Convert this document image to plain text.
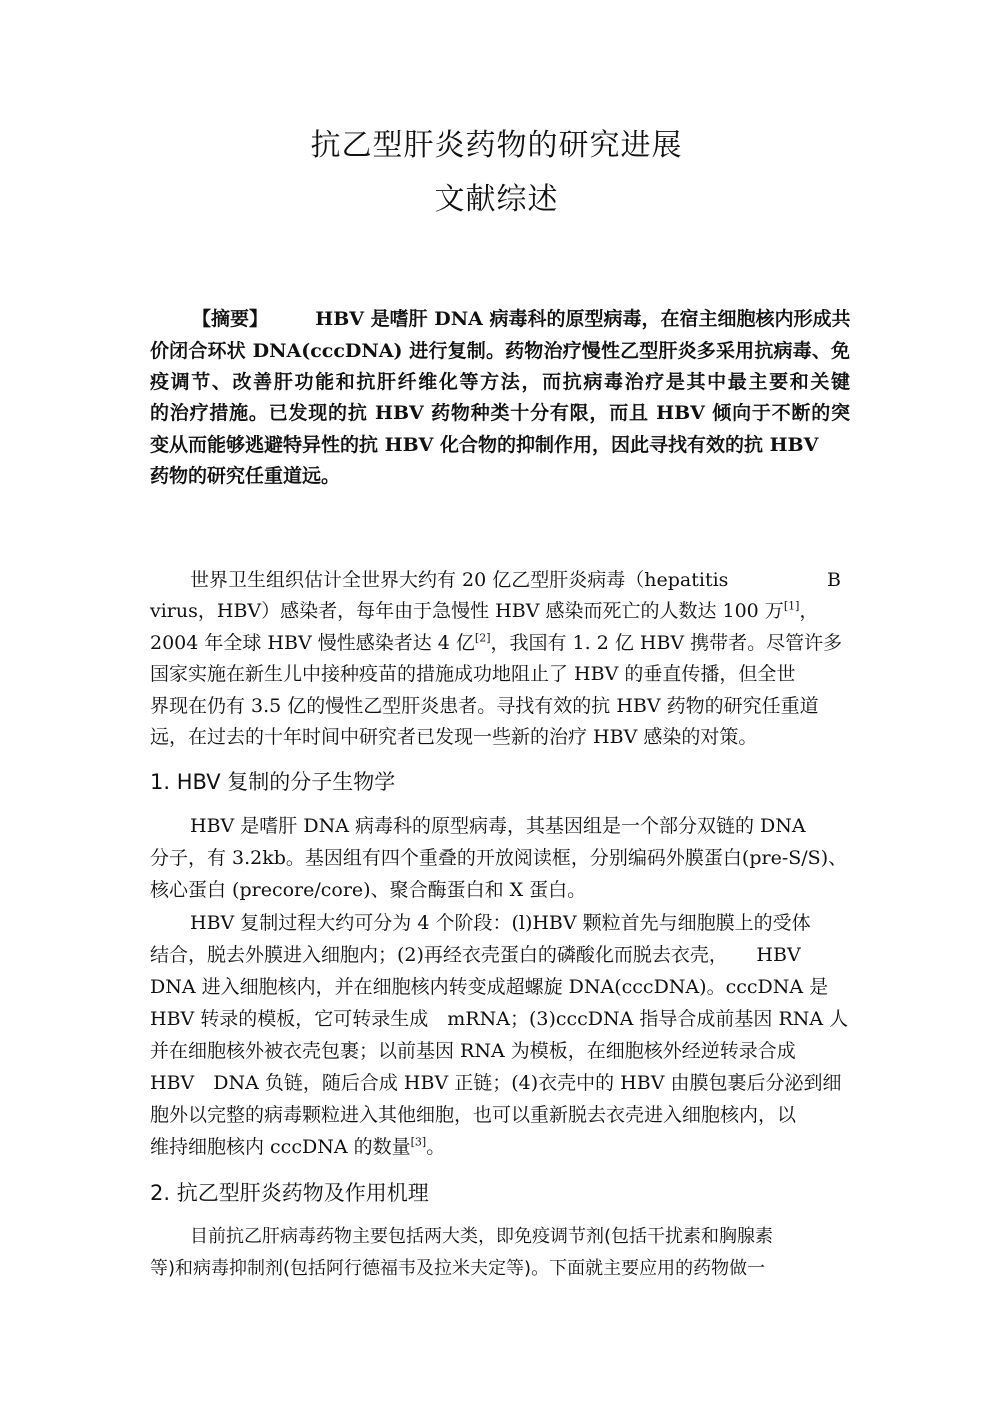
抗乙型肝炎药物的研究进展
文献综述
【摘要】 HBV 是嗜肝 DNA 病毒科的原型病毒，在宿主细胞核内形成共
价闭合环状 DNA(cccDNA) 进行复制。药物治疗慢性乙型肝炎多采用抗病毒、免
疫调节、改善肝功能和抗肝纤维化等方法，而抗病毒治疗是其中最主要和关键
的治疗措施。已发现的抗 HBV 药物种类十分有限，而且 HBV 倾向于不断的突
变从而能够逃避特异性的抗 HBV 化合物的抑制作用，因此寻找有效的抗 HBV
药物的研究任重道远。
世界卫生组织估计全世界大约有 20 亿乙型肝炎病毒（hepatitis	B
virus，HBV）感染者，每年由于急慢性 HBV 感染而死亡的人数达 100 万[1]，
2004 年全球 HBV 慢性感染者达 4 亿[2]，我国有 1. 2 亿 HBV 携带者。尽管许多
国家实施在新生儿中接种疫苗的措施成功地阻止了 HBV 的垂直传播，但全世
界现在仍有 3.5 亿的慢性乙型肝炎患者。寻找有效的抗 HBV 药物的研究任重道
远，在过去的十年时间中研究者已发现一些新的治疗 HBV 感染的对策。
1. HBV 复制的分子生物学
HBV 是嗜肝 DNA 病毒科的原型病毒，其基因组是一个部分双链的 DNA
分子，有 3.2kb。基因组有四个重叠的开放阅读框，分别编码外膜蛋白(pre-S/S)、
核心蛋白 (precore/core)、聚合酶蛋白和 X 蛋白。
HBV 复制过程大约可分为 4 个阶段：(l)HBV 颗粒首先与细胞膜上的受体
结合，脱去外膜进入细胞内；(2)再经衣壳蛋白的磷酸化而脱去衣壳，　　HBV
DNA 进入细胞核内，并在细胞核内转变成超螺旋 DNA(cccDNA)。cccDNA 是
HBV 转录的模板，它可转录生成　mRNA；(3)cccDNA 指导合成前基因 RNA 人
并在细胞核外被衣壳包裹；以前基因 RNA 为模板，在细胞核外经逆转录合成
HBV　DNA 负链，随后合成 HBV 正链；(4)衣壳中的 HBV 由膜包裹后分泌到细
胞外以完整的病毒颗粒进入其他细胞，也可以重新脱去衣壳进入细胞核内，以
维持细胞核内 cccDNA 的数量[3]。
2. 抗乙型肝炎药物及作用机理
目前抗乙肝病毒药物主要包括两大类，即免疫调节剂(包括干扰素和胸腺素
等)和病毒抑制剂(包括阿行德福韦及拉米夫定等)。下面就主要应用的药物做一
